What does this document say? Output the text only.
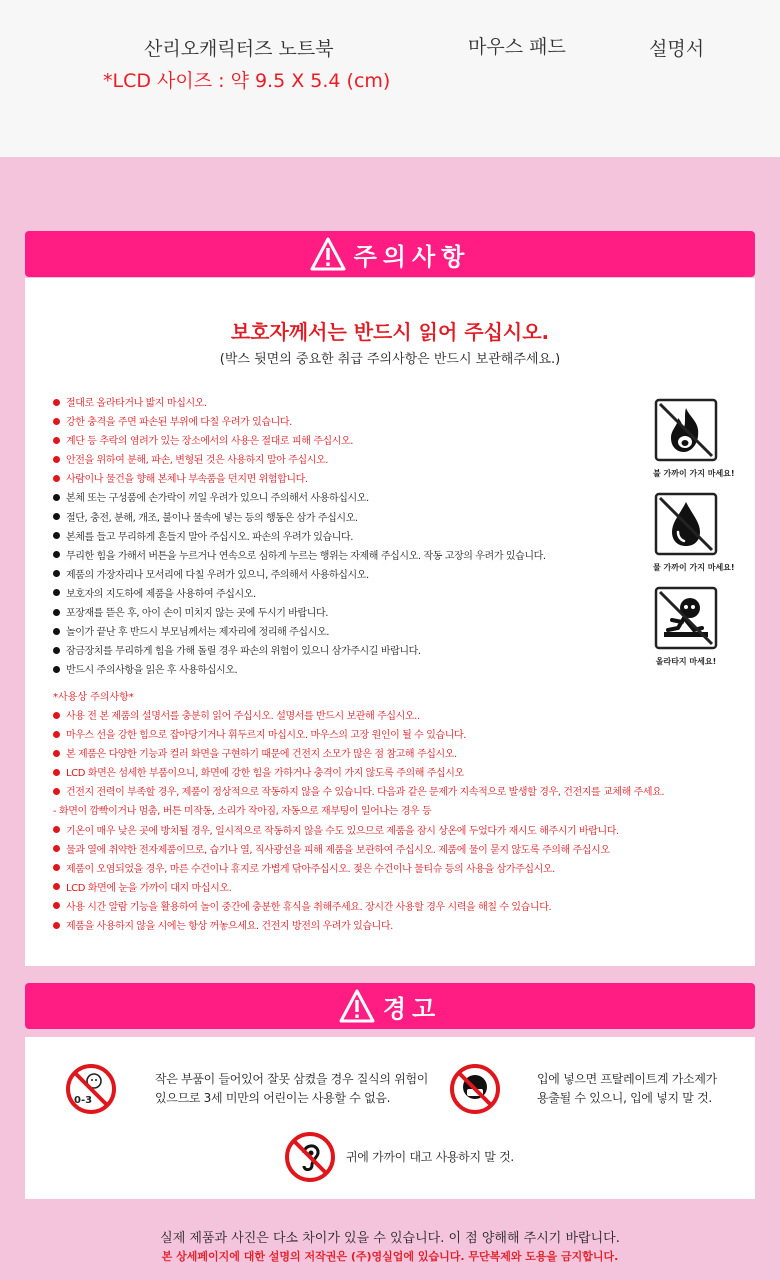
산리오캐릭터즈 노트북
*LCD 사이즈 : 약 9.5 X 5.4 (cm)
마우스 패드	설명서
주의사항
보호자께서는 반드시 읽어 주십시오.
(박스 뒷면의 중요한 취급 주의사항은 반드시 보관해주세요.)
절대로 올라타거나 밟지 마십시오.
강한 충격을 주면 파손된 부위에 다칠 우려가 있습니다.
계단 등 추락의 염려가 있는 장소에서의 사용은 절대로 피해 주십시오.
안전을 위하여 분해, 파손, 변형된 것은 사용하지 말아 주십시오.
사람이나 물건을 향해 본체나 부속품을 던지면 위험합니다.
본체 또는 구성품에 손가락이 끼일 우려가 있으니 주의해서 사용하십시오.
절단, 충전, 분해, 개조, 불이나 물속에 넣는 등의 행동은 삼가 주십시오.
본체를 들고 무리하게 흔들지 말아 주십시오. 파손의 우려가 있습니다.
무리한 힘을 가해서 버튼을 누르거나 연속으로 심하게 누르는 행위는 자제해 주십시오. 작동 고장의 우려가 있습니다.
제품의 가장자리나 모서리에 다칠 우려가 있으니, 주의해서 사용하십시오.
보호자의 지도하에 제품을 사용하여 주십시오.
포장재를 뜯은 후, 아이 손이 미치지 않는 곳에 두시기 바랍니다.
놀이가 끝난 후 반드시 부모님께서는 제자리에 정리해 주십시오.
잠금장치를 무리하게 힘을 가해 돌릴 경우 파손의 위험이 있으니 삼가주시길 바랍니다.
반드시 주의사항을 읽은 후 사용하십시오.
*사용상 주의사항*
사용 전 본 제품의 설명서를 충분히 읽어 주십시오. 설명서를 반드시 보관해 주십시오..
마우스 선을 강한 힘으로 잡아당기거나 휘두르지 마십시오. 마우스의 고장 원인이 될 수 있습니다.
본 제품은 다양한 기능과 컬러 화면을 구현하기 때문에 건전지 소모가 많은 점 참고해 주십시오.
LCD 화면은 섬세한 부품이으니, 화면에 강한 힘을 가하거나 충격이 가지 않도록 주의해 주십시오
건전지 전력이 부족할 경우, 제품이 정상적으로 작동하지 않을 수 있습니다. 다음과 같은 문제가 지속적으로 발생할 경우, 건전지를 교체해 주세요.
- 화면이 깜빡이거나 멈춤, 버튼 미작동, 소리가 작아짐, 자동으로 재부팅이 일어나는 경우 등
기온이 매우 낮은 곳에 방치될 경우, 일시적으로 작동하지 않을 수도 있으므로 제품을 잠시 상온에 두었다가 재시도 해주시기 바랍니다.
물과 열에 취약한 전자제품이므로, 습기나 열, 직사광선을 피해 제품을 보관하여 주십시오. 제품에 물이 묻지 않도록 주의해 주십시오
제품이 오염되었을 경우, 마른 수건이나 휴지로 가볍게 닦아주십시오. 젖은 수건이나 물티슈 등의 사용을 삼가주십시오.
LCD 화면에 눈을 가까이 대지 마십시오.
사용 시간 알람 기능을 활용하여 놀이 중간에 충분한 휴식을 취해주세요. 장시간 사용할 경우 시력을 해칠 수 있습니다.
제품을 사용하지 않을 시에는 항상 꺼놓으세요. 건전지 방전의 우려가 있습니다.
불 가까이 가지 마세요!
물 가까이 가지 마세요!
올라타지 마세요!
경고
0-3
작은 부품이 들어있어 잘못 삼켰을 경우 질식의 위험이
있으므로 3세 미만의 어린이는 사용할 수 없음.
입에 넣으면 프탈레이트계 가소제가
용출될 수 있으니, 입에 넣지 말 것.
귀에 가까이 대고 사용하지 말 것.
실제 제품과 사진은 다소 차이가 있을 수 있습니다. 이 점 양해해 주시기 바랍니다.
본 상세페이지에 대한 설명의 저작권은 (주)영실업에 있습니다. 무단복제와 도용을 금지합니다.
